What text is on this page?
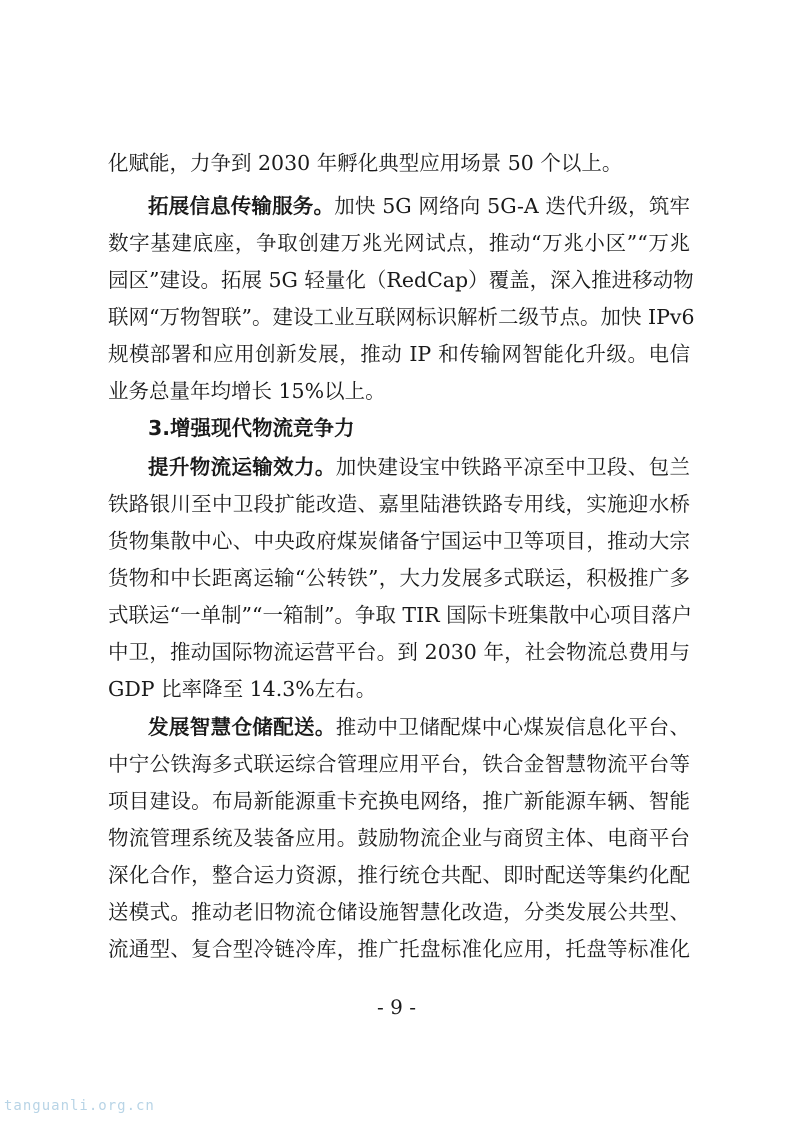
化赋能，力争到 2030 年孵化典型应用场景 50 个以上。
拓展信息传输服务。加快 5G 网络向 5G-A 迭代升级，筑牢
数字基建底座，争取创建万兆光网试点，推动“万兆小区”“万兆
园区”建设。拓展 5G 轻量化（RedCap）覆盖，深入推进移动物
联网“万物智联”。建设工业互联网标识解析二级节点。加快 IPv6
规模部署和应用创新发展，推动 IP 和传输网智能化升级。电信
业务总量年均增长 15%以上。
3.增强现代物流竞争力
提升物流运输效力。加快建设宝中铁路平凉至中卫段、包兰
铁路银川至中卫段扩能改造、嘉里陆港铁路专用线，实施迎水桥
货物集散中心、中央政府煤炭储备宁国运中卫等项目，推动大宗
货物和中长距离运输“公转铁”，大力发展多式联运，积极推广多
式联运“一单制”“一箱制”。争取 TIR 国际卡班集散中心项目落户
中卫，推动国际物流运营平台。到 2030 年，社会物流总费用与
GDP 比率降至 14.3%左右。
发展智慧仓储配送。推动中卫储配煤中心煤炭信息化平台、
中宁公铁海多式联运综合管理应用平台，铁合金智慧物流平台等
项目建设。布局新能源重卡充换电网络，推广新能源车辆、智能
物流管理系统及装备应用。鼓励物流企业与商贸主体、电商平台
深化合作，整合运力资源，推行统仓共配、即时配送等集约化配
送模式。推动老旧物流仓储设施智慧化改造，分类发展公共型、
流通型、复合型冷链冷库，推广托盘标准化应用，托盘等标准化
- 9 -
tanguanli.org.cn
